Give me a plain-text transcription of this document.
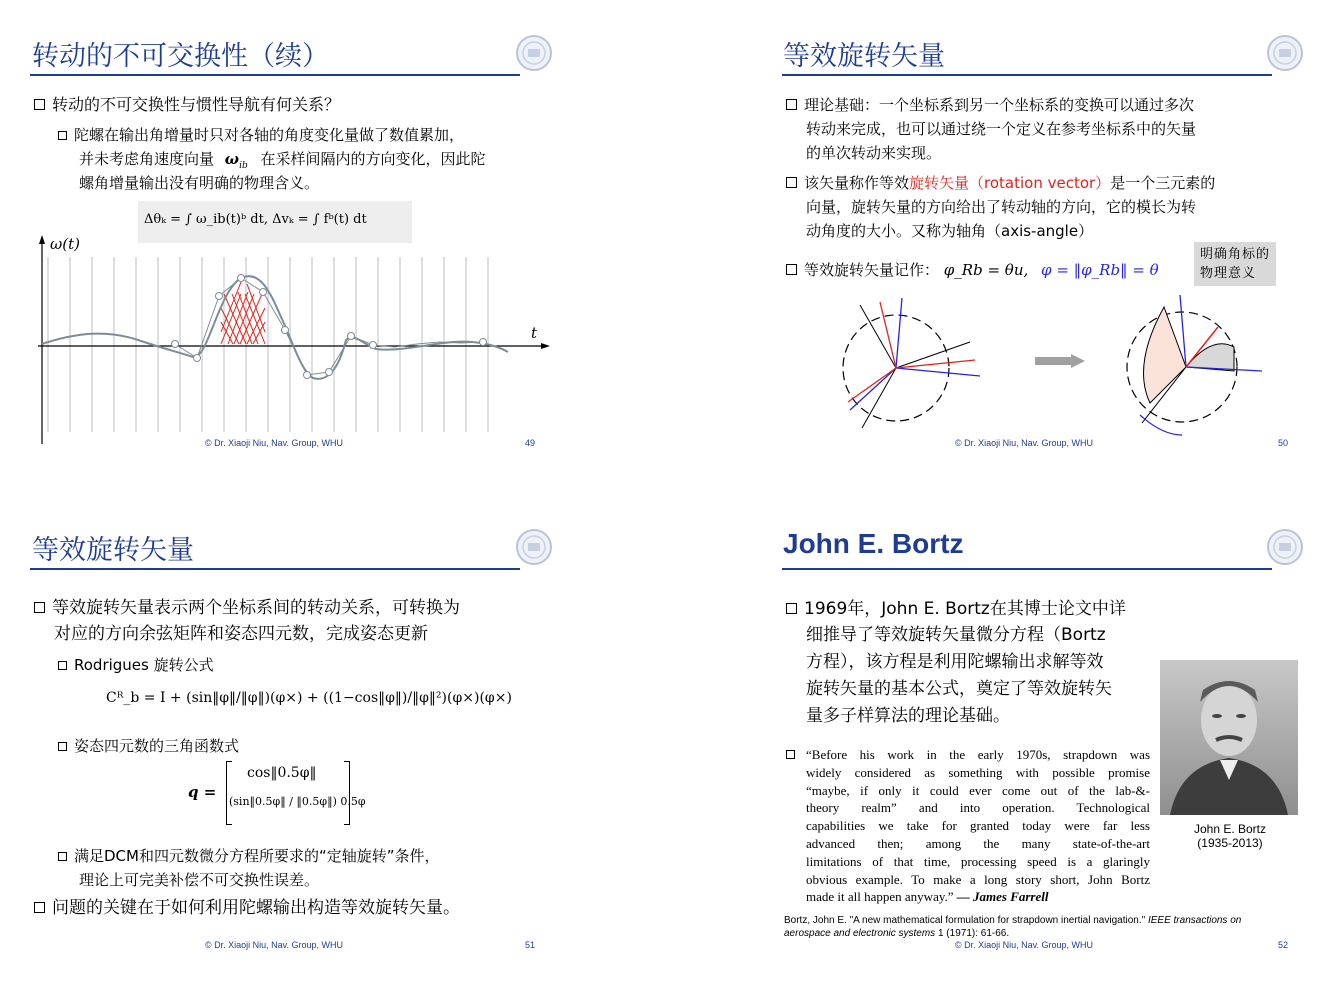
转动的不可交换性（续）
转动的不可交换性与惯性导航有何关系？
陀螺在输出角增量时只对各轴的角度变化量做了数值累加，
并未考虑角速度向量 $\omega_{ib}$ 在采样间隔内的方向变化，因此陀
螺角增量输出没有明确的物理含义。
Δθₖ = ∫ ω_ib(t)ᵇ dt, Δvₖ = ∫ fᵇ(t) dt
ω(t)
t
© Dr. Xiaoji Niu, Nav. Group, WHU	49
等效旋转矢量
理论基础：一个坐标系到另一个坐标系的变换可以通过多次
转动来完成，也可以通过绕一个定义在参考坐标系中的矢量
的单次转动来实现。
该矢量称作等效旋转矢量（rotation vector）是一个三元素的
向量，旋转矢量的方向给出了转动轴的方向，它的模长为转
动角度的大小。又称为轴角（axis-angle）
等效旋转矢量记作： φ_Rb = θu, φ = ‖φ_Rb‖ = θ
明确角标的
物理意义
© Dr. Xiaoji Niu, Nav. Group, WHU	50
等效旋转矢量
等效旋转矢量表示两个坐标系间的转动关系，可转换为
对应的方向余弦矩阵和姿态四元数，完成姿态更新
Rodrigues 旋转公式
Cᴿ_b = I + (sin‖φ‖/‖φ‖)(φ×) + ((1−cos‖φ‖)/‖φ‖²)(φ×)(φ×)
姿态四元数的三角函数式
q =
cos‖0.5φ‖
(sin‖0.5φ‖ / ‖0.5φ‖) 0.5φ
满足DCM和四元数微分方程所要求的“定轴旋转”条件，
理论上可完美补偿不可交换性误差。
问题的关键在于如何利用陀螺输出构造等效旋转矢量。
© Dr. Xiaoji Niu, Nav. Group, WHU	51
John E. Bortz
1969年，John E. Bortz在其博士论文中详
细推导了等效旋转矢量微分方程（Bortz
方程），该方程是利用陀螺输出求解等效
旋转矢量的基本公式，奠定了等效旋转矢
量多子样算法的理论基础。
“Before his work in the early 1970s, strapdown was
widely considered as something with possible promise
“maybe, if only it could ever come out of the lab-&-
theory realm” and into operation. Technological
capabilities we take for granted today were far less
advanced then; among the many state-of-the-art
limitations of that time, processing speed is a glaringly
obvious example. To make a long story short, John Bortz
made it all happen anyway.” — James Farrell
John E. Bortz
(1935-2013)
Bortz, John E. "A new mathematical formulation for strapdown inertial navigation." IEEE transactions on
aerospace and electronic systems 1 (1971): 61-66.
© Dr. Xiaoji Niu, Nav. Group, WHU	52
